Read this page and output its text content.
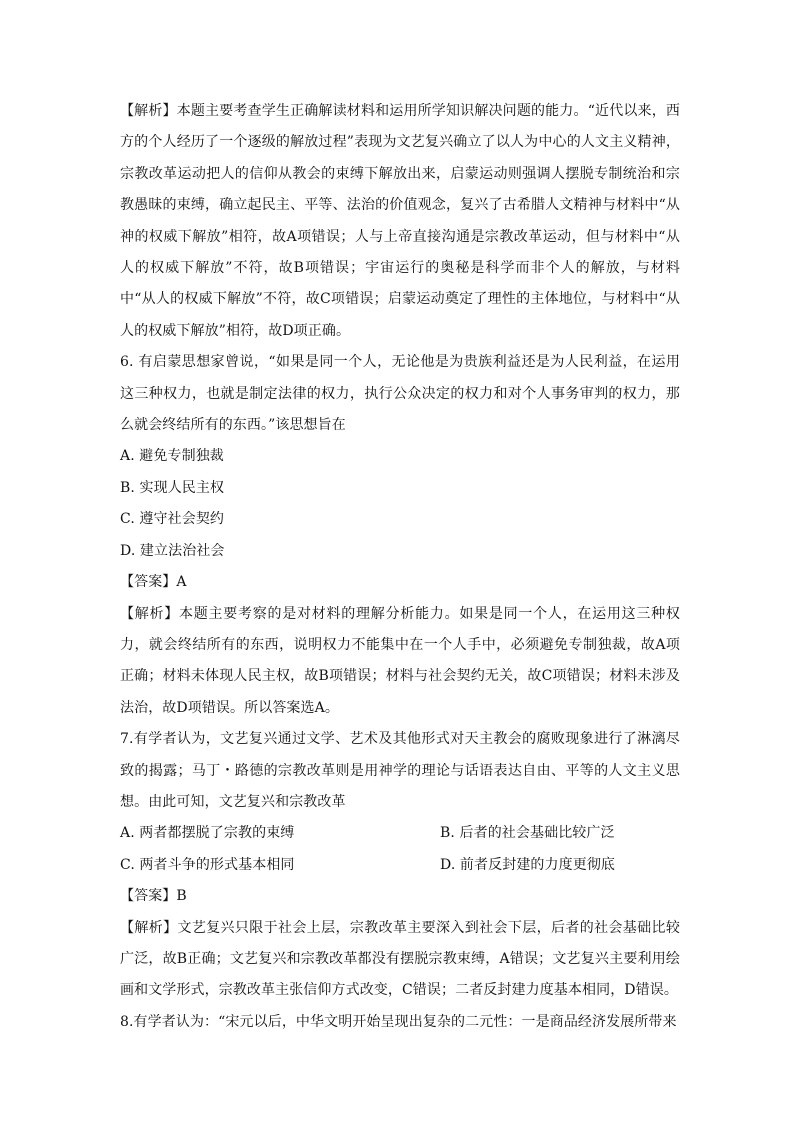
【解析】本题主要考查学生正确解读材料和运用所学知识解决问题的能力。“近代以来，西方的个人经历了一个逐级的解放过程”表现为文艺复兴确立了以人为中心的人文主义精神，宗教改革运动把人的信仰从教会的束缚下解放出来，启蒙运动则强调人摆脱专制统治和宗教愚昧的束缚，确立起民主、平等、法治的价值观念，复兴了古希腊人文精神与材料中“从神的权威下解放”相符，故A项错误；人与上帝直接沟通是宗教改革运动，但与材料中“从人的权威下解放”不符，故B项错误；宇宙运行的奥秘是科学而非个人的解放，与材料中“从人的权威下解放”不符，故C项错误；启蒙运动奠定了理性的主体地位，与材料中“从人的权威下解放”相符，故D项正确。

6. 有启蒙思想家曾说，“如果是同一个人，无论他是为贵族利益还是为人民利益，在运用这三种权力，也就是制定法律的权力，执行公众决定的权力和对个人事务审判的权力，那么就会终结所有的东西。”该思想旨在

A. 避免专制独裁

B. 实现人民主权

C. 遵守社会契约

D. 建立法治社会

【答案】A

【解析】本题主要考察的是对材料的理解分析能力。如果是同一个人，在运用这三种权力，就会终结所有的东西，说明权力不能集中在一个人手中，必须避免专制独裁，故A项正确；材料未体现人民主权，故B项错误；材料与社会契约无关，故C项错误；材料未涉及法治，故D项错误。所以答案选A。

7.有学者认为，文艺复兴通过文学、艺术及其他形式对天主教会的腐败现象进行了淋漓尽致的揭露；马丁・路德的宗教改革则是用神学的理论与话语表达自由、平等的人文主义思想。由此可知，文艺复兴和宗教改革

A. 两者都摆脱了宗教的束缚	B. 后者的社会基础比较广泛
C. 两者斗争的形式基本相同	D. 前者反封建的力度更彻底

【答案】B

【解析】文艺复兴只限于社会上层，宗教改革主要深入到社会下层，后者的社会基础比较广泛，故B正确；文艺复兴和宗教改革都没有摆脱宗教束缚，A错误；文艺复兴主要利用绘画和文学形式，宗教改革主张信仰方式改变，C错误；二者反封建力度基本相同，D错误。

8.有学者认为：“宋元以后，中华文明开始呈现出复杂的二元性：一是商品经济发展所带来
